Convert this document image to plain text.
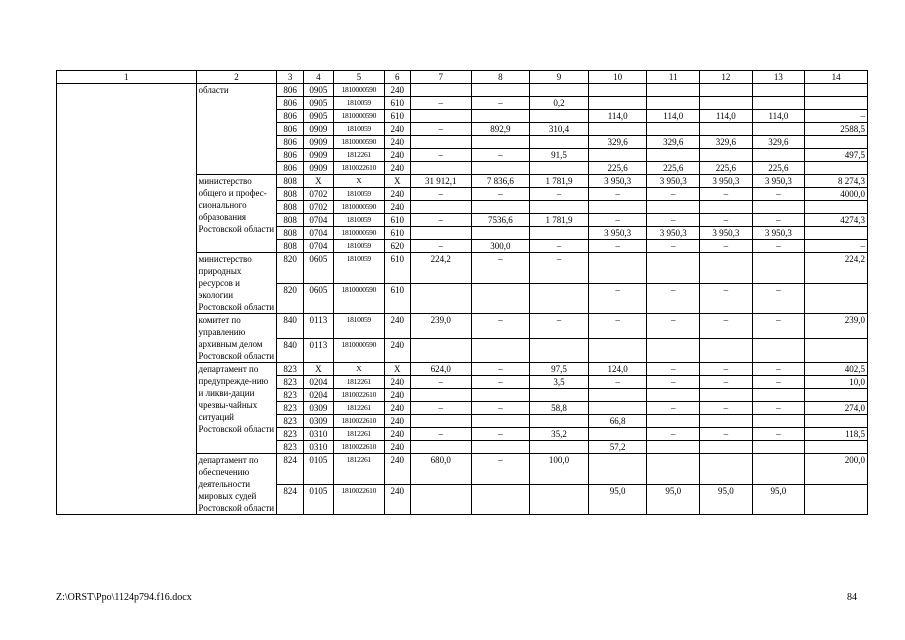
1	2	3	4	5	6	7	8	9	10	11	12	13	14
	области	806	0905	1810000590	240								
		806	0905	1810059	610	–	–	0,2					
		806	0905	1810000590	610				114,0	114,0	114,0	114,0	–
		806	0909	1810059	240	–	892,9	310,4					2588,5
		806	0909	1810000590	240				329,6	329,6	329,6	329,6	
		806	0909	1812261	240	–	–	91,5					497,5
		806	0909	1810022610	240				225,6	225,6	225,6	225,6	
	министерство общего и профес-сионального образования Ростовской области	808	X	X	X	31 912,1	7 836,6	1 781,9	3 950,3	3 950,3	3 950,3	3 950,3	8 274,3
		808	0702	1810059	240	–	–	–	–	–	–	–	4000,0
		808	0702	1810000590	240								
		808	0704	1810059	610	–	7536,6	1 781,9	–	–	–	–	4274,3
		808	0704	1810000590	610				3 950,3	3 950,3	3 950,3	3 950,3	
		808	0704	1810059	620	–	300,0	–	–	–	–	–	–
	министерство природных ресурсов и экологии Ростовской области	820	0605	1810059	610	224,2	–	–					224,2
		820	0605	1810000590	610				–	–	–	–	
	комитет по управлению архивным делом Ростовской области	840	0113	1810059	240	239,0	–	–	–	–	–	–	239,0
		840	0113	1810000590	240								
	департамент по предупрежде-нию и ликви-дации чрезвы-чайных ситуаций Ростовской области	823	X	X	X	624,0	–	97,5	124,0	–	–	–	402,5
		823	0204	1812261	240	–	–	3,5	–	–	–	–	10,0
		823	0204	1810022610	240								
		823	0309	1812261	240	–	–	58,8		–	–	–	274,0
		823	0309	1810022610	240				66,8				
		823	0310	1812261	240	–	–	35,2		–	–	–	118,5
		823	0310	1810022610	240				57,2				
	департамент по обеспечению деятельности мировых судей Ростовской области	824	0105	1812261	240	680,0	–	100,0					200,0
		824	0105	1810022610	240				95,0	95,0	95,0	95,0	
Z:\ORST\Ppo\1124p794.f16.docx	84
